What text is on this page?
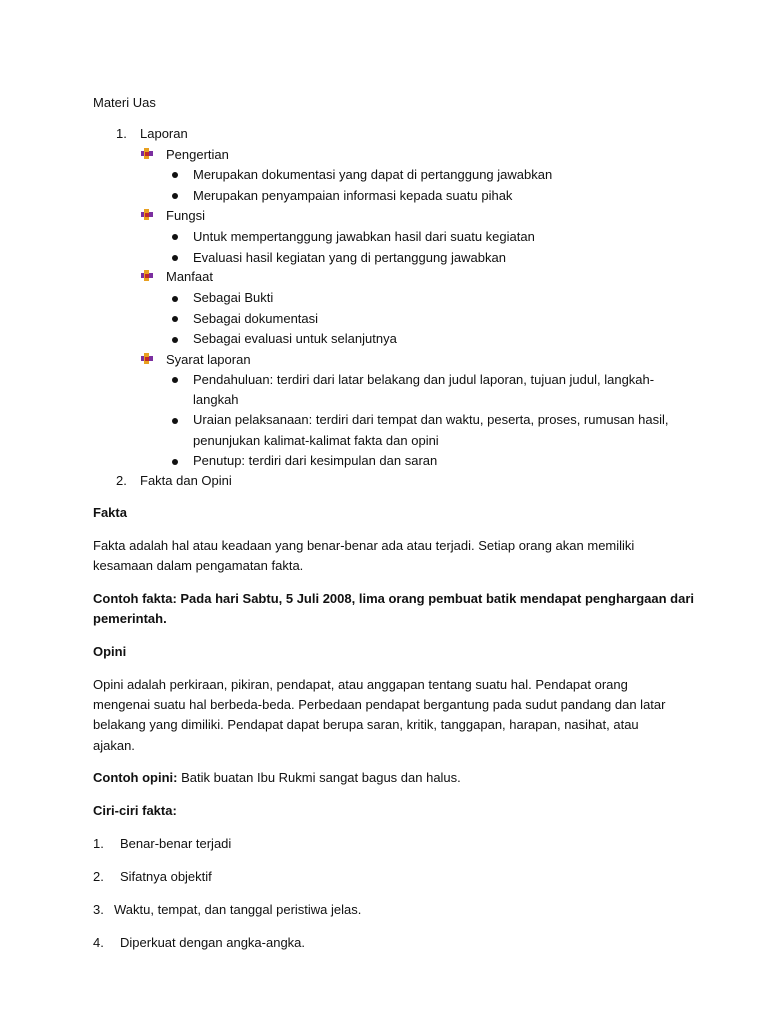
Materi Uas
1. Laporan
Pengertian
Merupakan dokumentasi yang dapat di pertanggung jawabkan
Merupakan penyampaian informasi kepada suatu pihak
Fungsi
Untuk mempertanggung jawabkan hasil dari suatu kegiatan
Evaluasi hasil kegiatan yang di pertanggung jawabkan
Manfaat
Sebagai Bukti
Sebagai dokumentasi
Sebagai evaluasi untuk selanjutnya
Syarat laporan
Pendahuluan: terdiri dari latar belakang dan judul laporan, tujuan judul, langkah-
langkah
Uraian pelaksanaan: terdiri dari tempat dan waktu, peserta, proses, rumusan hasil,
penunjukan kalimat-kalimat fakta dan opini
Penutup: terdiri dari kesimpulan dan saran
2. Fakta dan Opini
Fakta
Fakta adalah hal atau keadaan yang benar-benar ada atau terjadi. Setiap orang akan memiliki
kesamaan dalam pengamatan fakta.
Contoh fakta: Pada hari Sabtu, 5 Juli 2008, lima orang pembuat batik mendapat penghargaan dari
pemerintah.
Opini
Opini adalah perkiraan, pikiran, pendapat, atau anggapan tentang suatu hal. Pendapat orang
mengenai suatu hal berbeda-beda. Perbedaan pendapat bergantung pada sudut pandang dan latar
belakang yang dimiliki. Pendapat dapat berupa saran, kritik, tanggapan, harapan, nasihat, atau
ajakan.
Contoh opini: Batik buatan Ibu Rukmi sangat bagus dan halus.
Ciri-ciri fakta:
1. Benar-benar terjadi
2. Sifatnya objektif
3. Waktu, tempat, dan tanggal peristiwa jelas.
4. Diperkuat dengan angka-angka.
